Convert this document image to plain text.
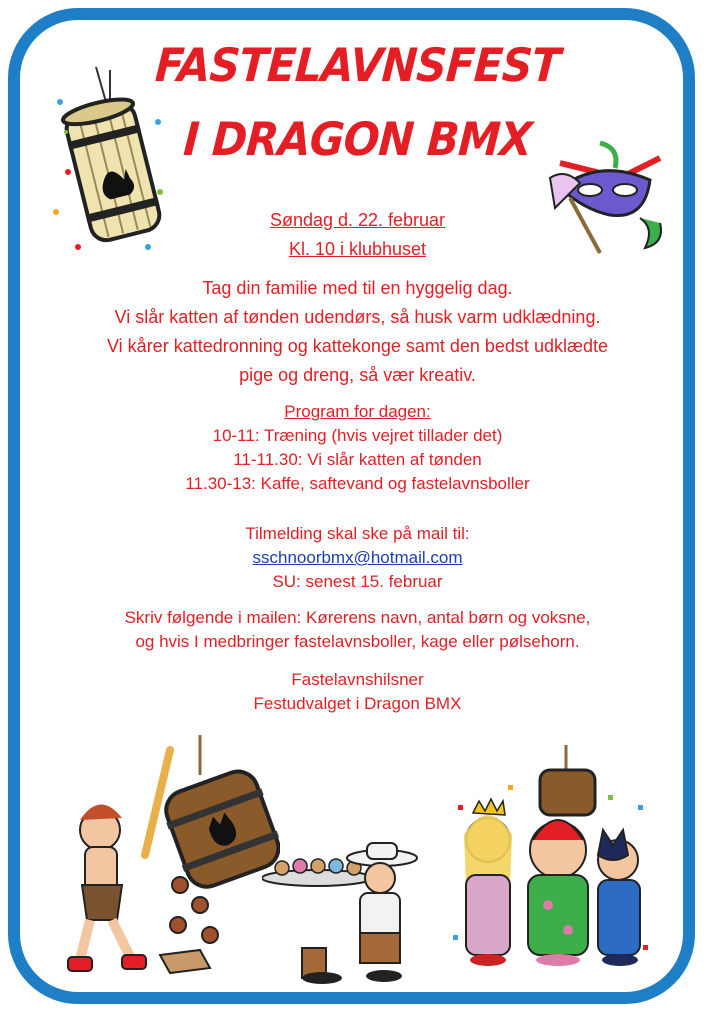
FASTELAVNSFEST
I DRAGON BMX
Søndag d. 22. februar
Kl. 10 i klubhuset
Tag din familie med til en hyggelig dag.
Vi slår katten af tønden udendørs, så husk varm udklædning.
Vi kårer kattedronning og kattekonge samt den bedst udklædte
pige og dreng, så vær kreativ.
Program for dagen:
10-11: Træning (hvis vejret tillader det)
11-11.30: Vi slår katten af tønden
11.30-13: Kaffe, saftevand og fastelavnsboller
Tilmelding skal ske på mail til:
sschnoorbmx@hotmail.com
SU: senest 15. februar
Skriv følgende i mailen: Kørerens navn, antal børn og voksne,
og hvis I medbringer fastelavnsboller, kage eller pølsehorn.
Fastelavnshilsner
Festudvalget i Dragon BMX
